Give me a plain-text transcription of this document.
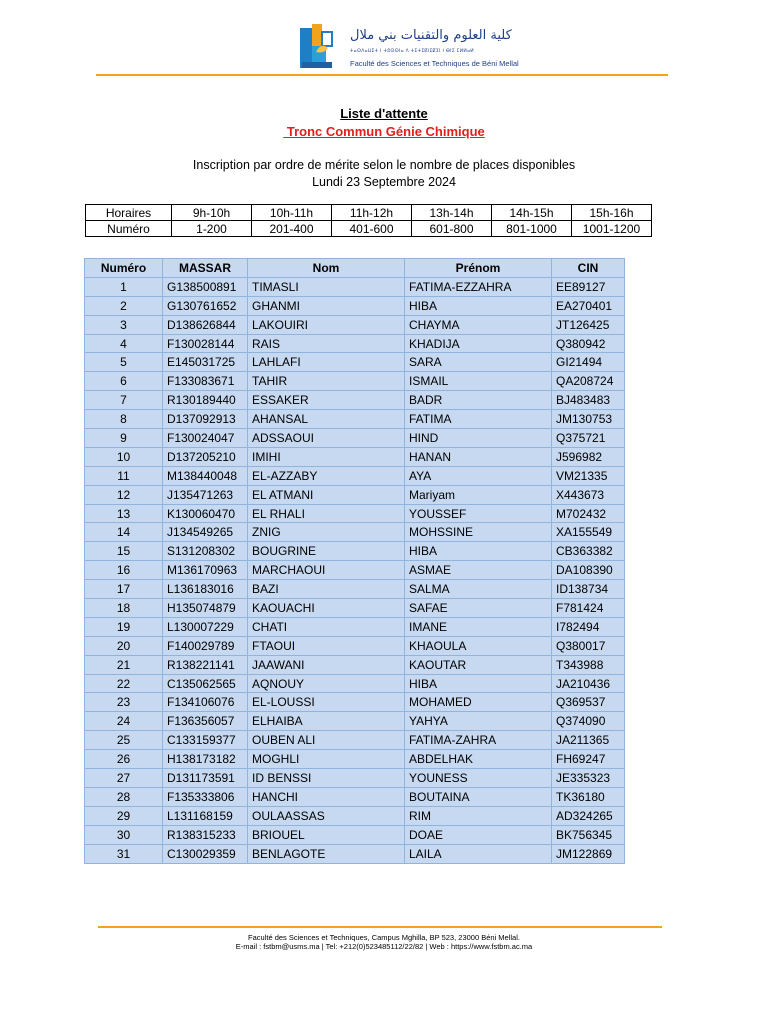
كلية العلوم والتقنيات بني ملال
ⵜⴰⵙⴷⴰⵡⵉⵜ ⵏ ⵜⵓⵙⵙⵏⴰ ⴷ ⵜⵉⵜⵉⴽⵏⵉⵇⵉⵏ ⵏ ⴱⵏⵉ ⵎⵍⵍⴰⵍ
Faculté des Sciences et Techniques de Béni Mellal
Liste d'attente
Tronc Commun Génie Chimique
Inscription par ordre de mérite selon le nombre de places disponibles
Lundi 23 Septembre 2024
Horaires	9h-10h	10h-11h	11h-12h	13h-14h	14h-15h	15h-16h
Numéro	1-200	201-400	401-600	601-800	801-1000	1001-1200
Numéro	MASSAR	Nom	Prénom	CIN
1	G138500891	TIMASLI	FATIMA-EZZAHRA	EE89127
2	G130761652	GHANMI	HIBA	EA270401
3	D138626844	LAKOUIRI	CHAYMA	JT126425
4	F130028144	RAIS	KHADIJA	Q380942
5	E145031725	LAHLAFI	SARA	GI21494
6	F133083671	TAHIR	ISMAIL	QA208724
7	R130189440	ESSAKER	BADR	BJ483483
8	D137092913	AHANSAL	FATIMA	JM130753
9	F130024047	ADSSAOUI	HIND	Q375721
10	D137205210	IMIHI	HANAN	J596982
11	M138440048	EL-AZZABY	AYA	VM21335
12	J135471263	EL ATMANI	Mariyam	X443673
13	K130060470	EL RHALI	YOUSSEF	M702432
14	J134549265	ZNIG	MOHSSINE	XA155549
15	S131208302	BOUGRINE	HIBA	CB363382
16	M136170963	MARCHAOUI	ASMAE	DA108390
17	L136183016	BAZI	SALMA	ID138734
18	H135074879	KAOUACHI	SAFAE	F781424
19	L130007229	CHATI	IMANE	I782494
20	F140029789	FTAOUI	KHAOULA	Q380017
21	R138221141	JAAWANI	KAOUTAR	T343988
22	C135062565	AQNOUY	HIBA	JA210436
23	F134106076	EL-LOUSSI	MOHAMED	Q369537
24	F136356057	ELHAIBA	YAHYA	Q374090
25	C133159377	OUBEN ALI	FATIMA-ZAHRA	JA211365
26	H138173182	MOGHLI	ABDELHAK	FH69247
27	D131173591	ID BENSSI	YOUNESS	JE335323
28	F135333806	HANCHI	BOUTAINA	TK36180
29	L131168159	OULAASSAS	RIM	AD324265
30	R138315233	BRIOUEL	DOAE	BK756345
31	C130029359	BENLAGOTE	LAILA	JM122869
Faculté des Sciences et Techniques, Campus Mghilla, BP 523, 23000 Béni Mellal.
E-mail : fstbm@usms.ma | Tel: +212(0)523485112/22/82 | Web : https://www.fstbm.ac.ma
